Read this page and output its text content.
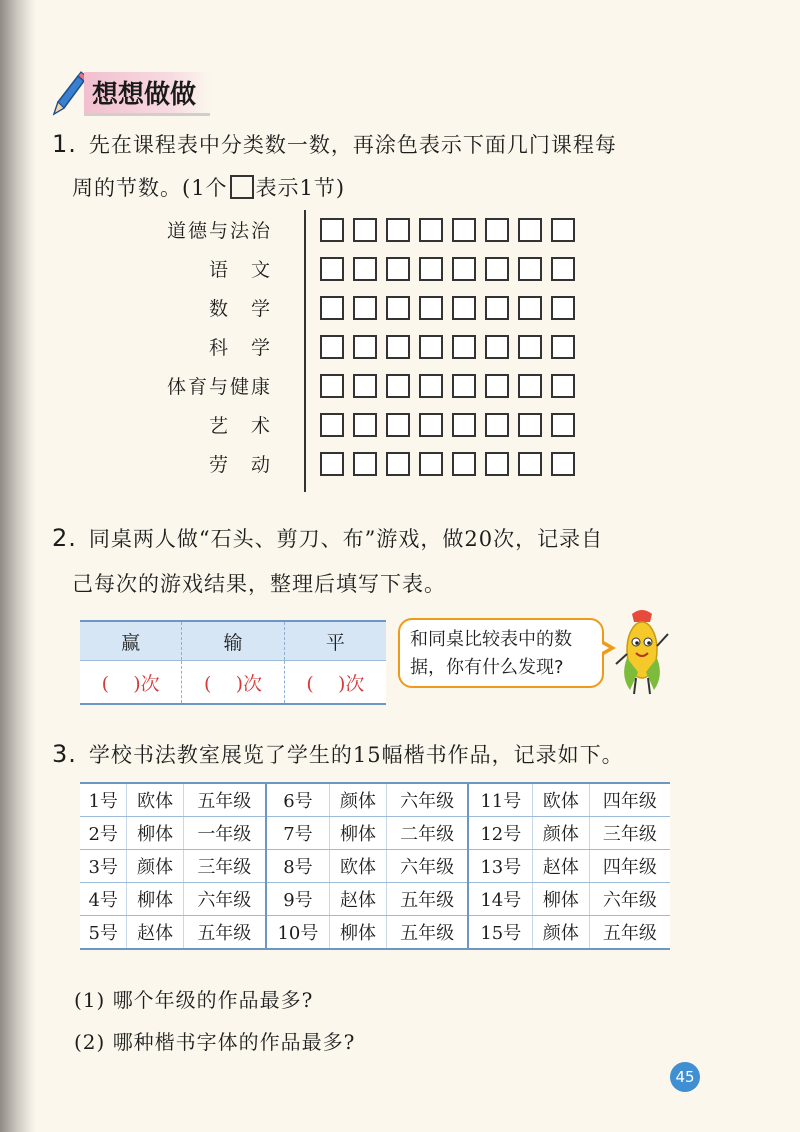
想想做做
1. 先在课程表中分类数一数，再涂色表示下面几门课程每
周的节数。(1个 表示1节)
道德与法治
语　文
数　学
科　学
体育与健康
艺　术
劳　动
2. 同桌两人做“石头、剪刀、布”游戏，做20次，记录自
己每次的游戏结果，整理后填写下表。
赢	输	平
( )次	( )次	( )次
和同桌比较表中的数
据，你有什么发现?
3. 学校书法教室展览了学生的15幅楷书作品，记录如下。
1号	欧体	五年级	6号	颜体	六年级	11号	欧体	四年级
2号	柳体	一年级	7号	柳体	二年级	12号	颜体	三年级
3号	颜体	三年级	8号	欧体	六年级	13号	赵体	四年级
4号	柳体	六年级	9号	赵体	五年级	14号	柳体	六年级
5号	赵体	五年级	10号	柳体	五年级	15号	颜体	五年级
(1) 哪个年级的作品最多?
(2) 哪种楷书字体的作品最多?
45
